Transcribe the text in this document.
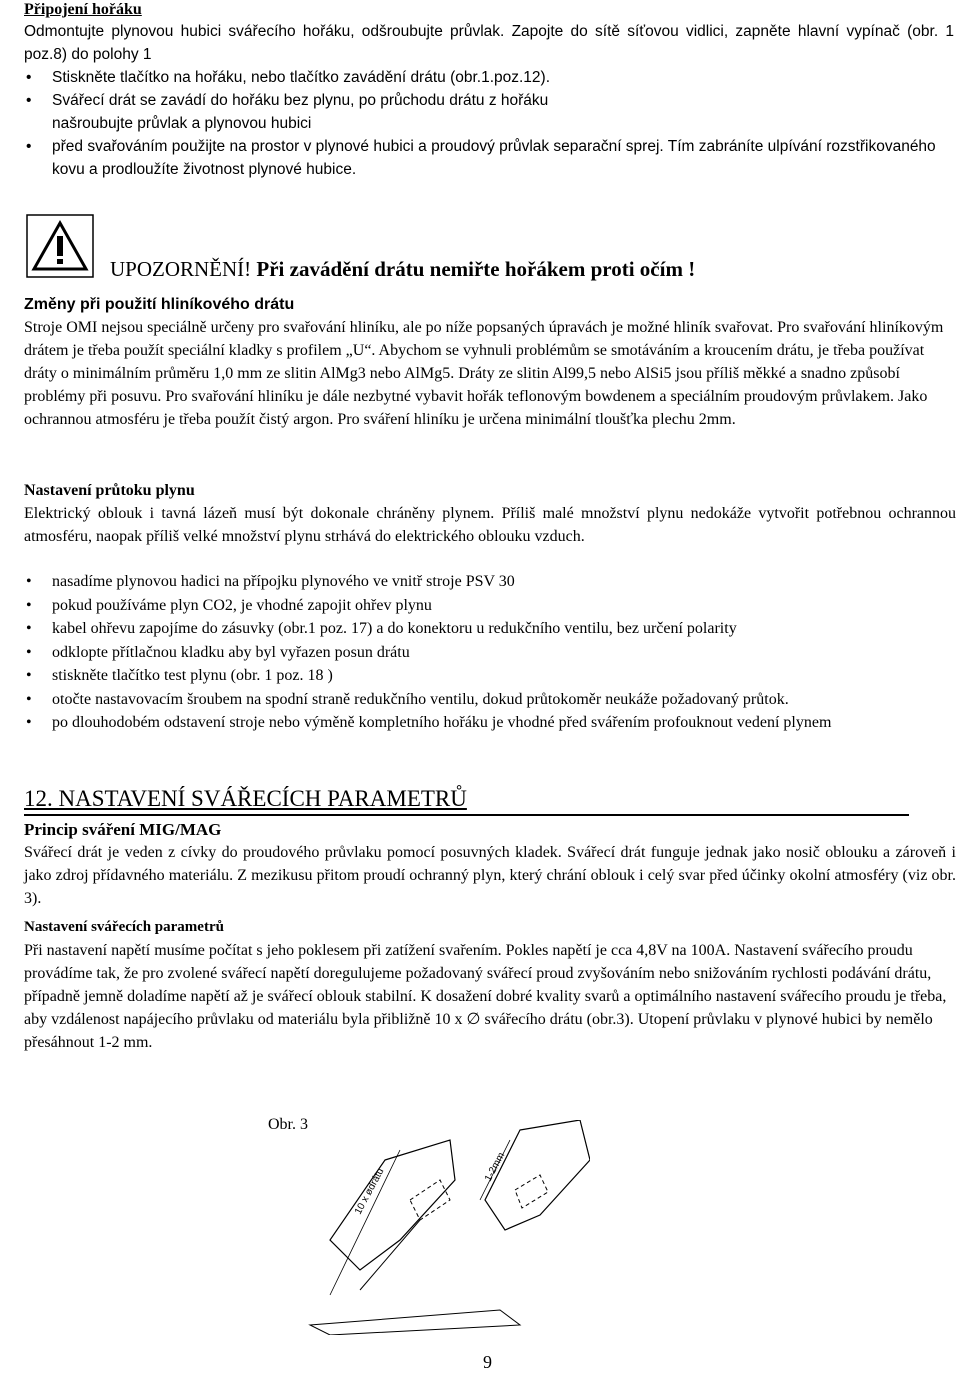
Připojení hořáku
Odmontujte plynovou hubici svářecího hořáku, odšroubujte průvlak. Zapojte do sítě síťovou vidlici, zapněte hlavní vypínač (obr. 1 poz.8) do polohy 1
• Stiskněte tlačítko na hořáku, nebo tlačítko zavádění drátu (obr.1.poz.12).
• Svářecí drát se zavádí do hořáku bez plynu, po průchodu drátu z hořáku našroubujte průvlak a plynovou hubici
• před svařováním použijte na prostor v plynové hubici a proudový průvlak separační sprej. Tím zabráníte ulpívání rozstřikovaného kovu a prodloužíte životnost plynové hubice.
UPOZORNĚNÍ! Při zavádění drátu nemiřte hořákem proti očím !
Změny při použití hliníkového drátu
Stroje OMI nejsou speciálně určeny pro svařování hliníku, ale po níže popsaných úpravách je možné hliník svařovat. Pro svařování hliníkovým drátem je třeba použít speciální kladky s profilem „U“. Abychom se vyhnuli problémům se smotáváním a kroucením drátu, je třeba používat dráty o minimálním průměru 1,0 mm ze slitin AlMg3 nebo AlMg5. Dráty ze slitin Al99,5 nebo AlSi5 jsou příliš měkké a snadno způsobí problémy při posuvu. Pro svařování hliníku je dále nezbytné vybavit hořák teflonovým bowdenem a speciálním proudovým průvlakem. Jako ochrannou atmosféru je třeba použít čistý argon. Pro sváření hliníku je určena minimální tloušťka plechu 2mm.
Nastavení průtoku plynu
Elektrický oblouk i tavná lázeň musí být dokonale chráněny plynem. Příliš malé množství plynu nedokáže vytvořit potřebnou ochrannou atmosféru, naopak příliš velké množství plynu strhává do elektrického oblouku vzduch.
• nasadíme plynovou hadici na přípojku plynového ve vnitř stroje PSV 30
• pokud používáme plyn CO2, je vhodné zapojit ohřev plynu
• kabel ohřevu zapojíme do zásuvky (obr.1 poz. 17) a do konektoru u redukčního ventilu, bez určení polarity
• odklopte přítlačnou kladku aby byl vyřazen posun drátu
• stiskněte tlačítko test plynu (obr. 1 poz. 18 )
• otočte nastavovacím šroubem na spodní straně redukčního ventilu, dokud průtokoměr neukáže požadovaný průtok.
• po dlouhodobém odstavení stroje nebo výměně kompletního hořáku je vhodné před svářením profouknout vedení plynem
12. NASTAVENÍ SVÁŘECÍCH PARAMETRŮ
Princip sváření MIG/MAG
Svářecí drát je veden z cívky do proudového průvlaku pomocí posuvných kladek. Svářecí drát funguje jednak jako nosič oblouku a zároveň i jako zdroj přídavného materiálu. Z mezikusu přitom proudí ochranný plyn, který chrání oblouk i celý svar před účinky okolní atmosféry (viz obr. 3).
Nastavení svářecích parametrů
Při nastavení napětí musíme počítat s jeho poklesem při zatížení svařením. Pokles napětí je cca 4,8V na 100A. Nastavení svářecího proudu provádíme tak, že pro zvolené svářecí napětí doregulujeme požadovaný svářecí proud zvyšováním nebo snižováním rychlosti podávání drátu, případně jemně doladíme napětí až je svářecí oblouk stabilní. K dosažení dobré kvality svarů a optimálního nastavení svářecího proudu je třeba, aby vzdálenost napájecího průvlaku od materiálu byla přibližně 10 x ∅ svářecího drátu (obr.3). Utopení průvlaku v plynové hubici by nemělo přesáhnout 1-2 mm.
Obr. 3
10 x ødrátu	1-2mm
9
